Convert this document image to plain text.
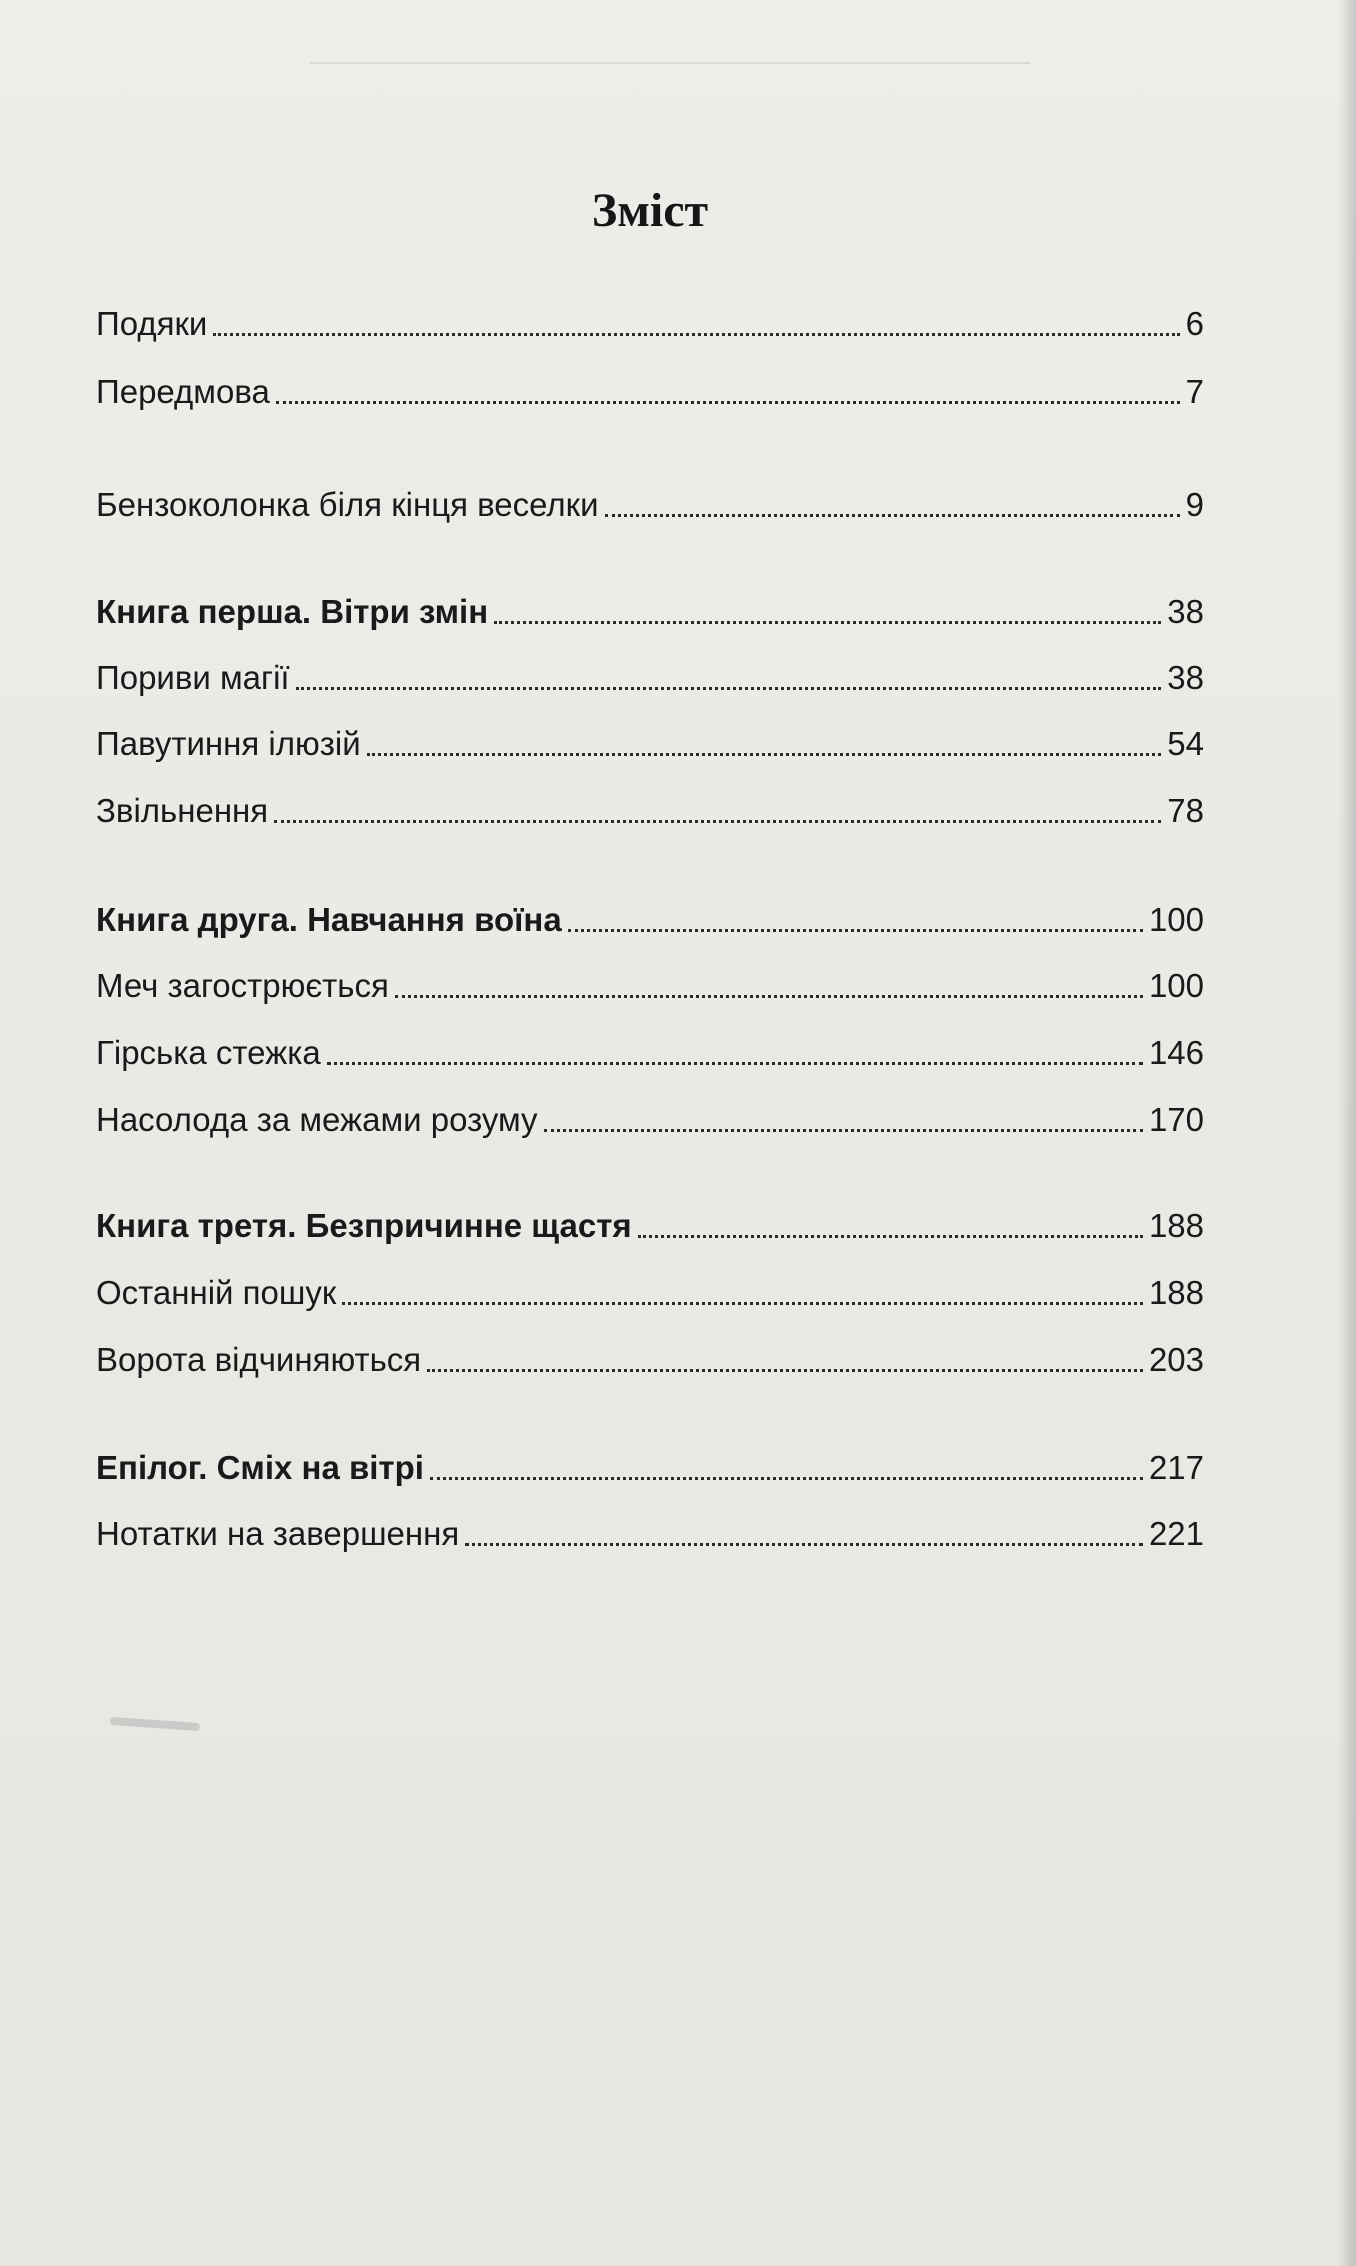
Зміст
Подяки	6
Передмова	7
Бензоколонка біля кінця веселки	9
Книга перша. Вітри змін	38
Пориви магії	38
Павутиння ілюзій	54
Звільнення	78
Книга друга. Навчання воїна	100
Меч загострюється	100
Гірська стежка	146
Насолода за межами розуму	170
Книга третя. Безпричинне щастя	188
Останній пошук	188
Ворота відчиняються	203
Епілог. Сміх на вітрі	217
Нотатки на завершення	221
